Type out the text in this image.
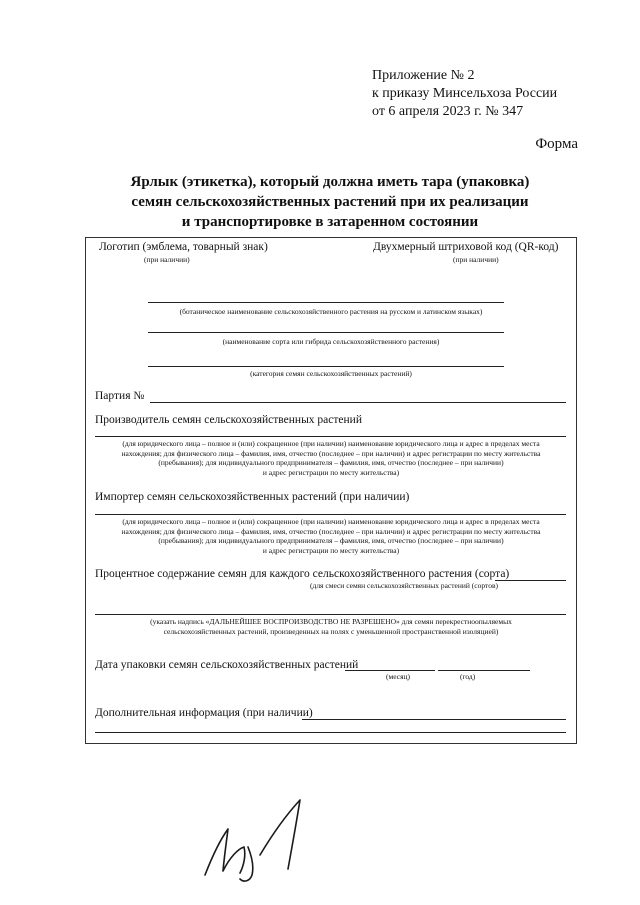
Приложение № 2
к приказу Минсельхоза России
от 6 апреля 2023 г. № 347
Форма
Ярлык (этикетка), который должна иметь тара (упаковка)
семян сельскохозяйственных растений при их реализации
и транспортировке в затаренном состоянии
Логотип (эмблема, товарный знак)
(при наличии)
Двухмерный штриховой код (QR-код)
(при наличии)
(ботаническое наименование сельскохозяйственного растения на русском и латинском языках)
(наименование сорта или гибрида сельскохозяйственного растения)
(категория семян сельскохозяйственных растений)
Партия №
Производитель семян сельскохозяйственных растений
(для юридического лица – полное и (или) сокращенное (при наличии) наименование юридического лица и адрес в пределах места
нахождения; для физического лица – фамилия, имя, отчество (последнее – при наличии) и адрес регистрации по месту жительства
(пребывания); для индивидуального предпринимателя – фамилия, имя, отчество (последнее – при наличии)
и адрес регистрации по месту жительства)
Импортер семян сельскохозяйственных растений (при наличии)
(для юридического лица – полное и (или) сокращенное (при наличии) наименование юридического лица и адрес в пределах места
нахождения; для физического лица – фамилия, имя, отчество (последнее – при наличии) и адрес регистрации по месту жительства
(пребывания); для индивидуального предпринимателя – фамилия, имя, отчество (последнее – при наличии)
и адрес регистрации по месту жительства)
Процентное содержание семян для каждого сельскохозяйственного растения (сорта)
(для смеси семян сельскохозяйственных растений (сортов)
(указать надпись «ДАЛЬНЕЙШЕЕ ВОСПРОИЗВОДСТВО НЕ РАЗРЕШЕНО» для семян перекрестноопыляемых
сельскохозяйственных растений, произведенных на полях с уменьшенной пространственной изоляцией)
Дата упаковки семян сельскохозяйственных растений
(месяц)	(год)
Дополнительная информация (при наличии)
